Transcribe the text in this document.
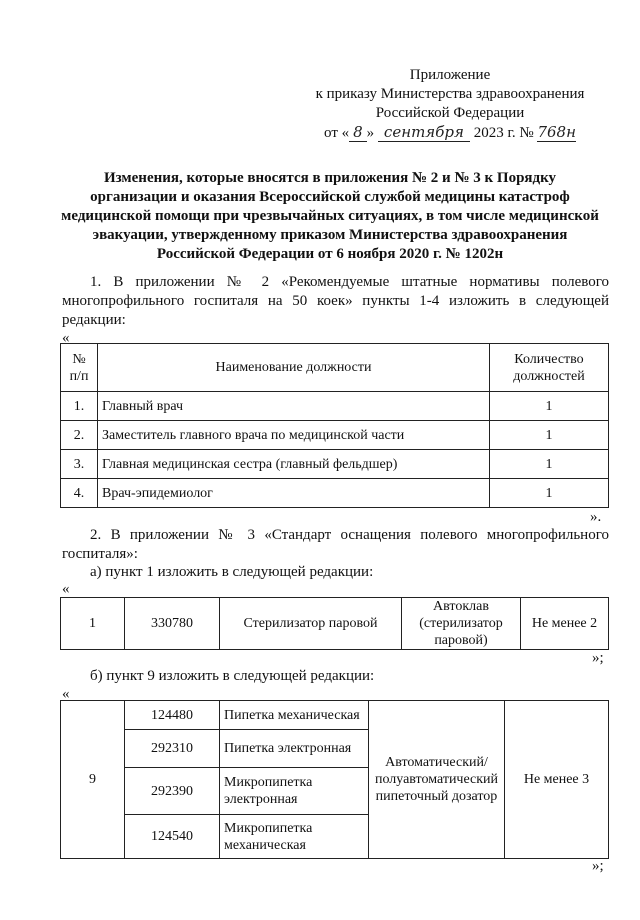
Приложение
к приказу Министерства здравоохранения
Российской Федерации
от « 8 » сентября 2023 г. № 768н
Изменения, которые вносятся в приложения № 2 и № 3 к Порядку
организации и оказания Всероссийской службой медицины катастроф
медицинской помощи при чрезвычайных ситуациях, в том числе медицинской
эвакуации, утвержденному приказом Министерства здравоохранения
Российской Федерации от 6 ноября 2020 г. № 1202н
1. В приложении № 2 «Рекомендуемые штатные нормативы полевого многопрофильного госпиталя на 50 коек» пункты 1-4 изложить в следующей редакции:
«
№ п/п	Наименование должности	Количество должностей
1.	Главный врач	1
2.	Заместитель главного врача по медицинской части	1
3.	Главная медицинская сестра (главный фельдшер)	1
4.	Врач-эпидемиолог	1
».
2. В приложении № 3 «Стандарт оснащения полевого многопрофильного госпиталя»:
а) пункт 1 изложить в следующей редакции:
«
1	330780	Стерилизатор паровой	Автоклав (стерилизатор паровой)	Не менее 2
»;
б) пункт 9 изложить в следующей редакции:
«
9	124480	Пипетка механическая	Автоматический/полуавтоматический пипеточный дозатор	Не менее 3
	292310	Пипетка электронная		
	292390	Микропипетка электронная		
	124540	Микропипетка механическая		
»;
